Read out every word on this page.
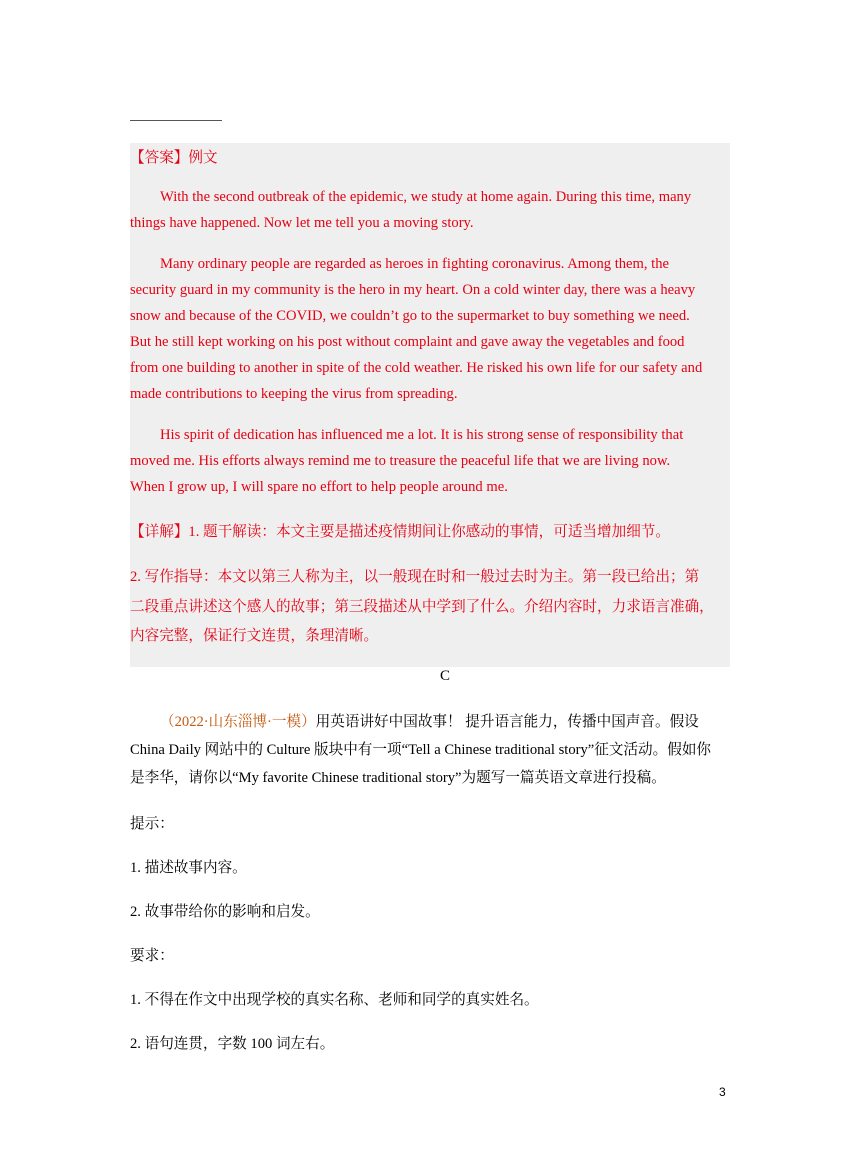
【答案】例文
With the second outbreak of the epidemic, we study at home again. During this time, many
things have happened. Now let me tell you a moving story.
Many ordinary people are regarded as heroes in fighting coronavirus. Among them, the
security guard in my community is the hero in my heart. On a cold winter day, there was a heavy
snow and because of the COVID, we couldn’t go to the supermarket to buy something we need.
But he still kept working on his post without complaint and gave away the vegetables and food
from one building to another in spite of the cold weather. He risked his own life for our safety and
made contributions to keeping the virus from spreading.
His spirit of dedication has influenced me a lot. It is his strong sense of responsibility that
moved me. His efforts always remind me to treasure the peaceful life that we are living now.
When I grow up, I will spare no effort to help people around me.
【详解】1. 题干解读：本文主要是描述疫情期间让你感动的事情，可适当增加细节。
2. 写作指导：本文以第三人称为主，以一般现在时和一般过去时为主。第一段已给出；第
二段重点讲述这个感人的故事；第三段描述从中学到了什么。介绍内容时，力求语言准确，
内容完整，保证行文连贯，条理清晰。
C
（2022·山东淄博·一模）用英语讲好中国故事！ 提升语言能力，传播中国声音。假设
China Daily 网站中的 Culture 版块中有一项“Tell a Chinese traditional story”征文活动。假如你
是李华，请你以“My favorite Chinese traditional story”为题写一篇英语文章进行投稿。
提示：
1. 描述故事内容。
2. 故事带给你的影响和启发。
要求：
1. 不得在作文中出现学校的真实名称、老师和同学的真实姓名。
2. 语句连贯，字数 100 词左右。
3
